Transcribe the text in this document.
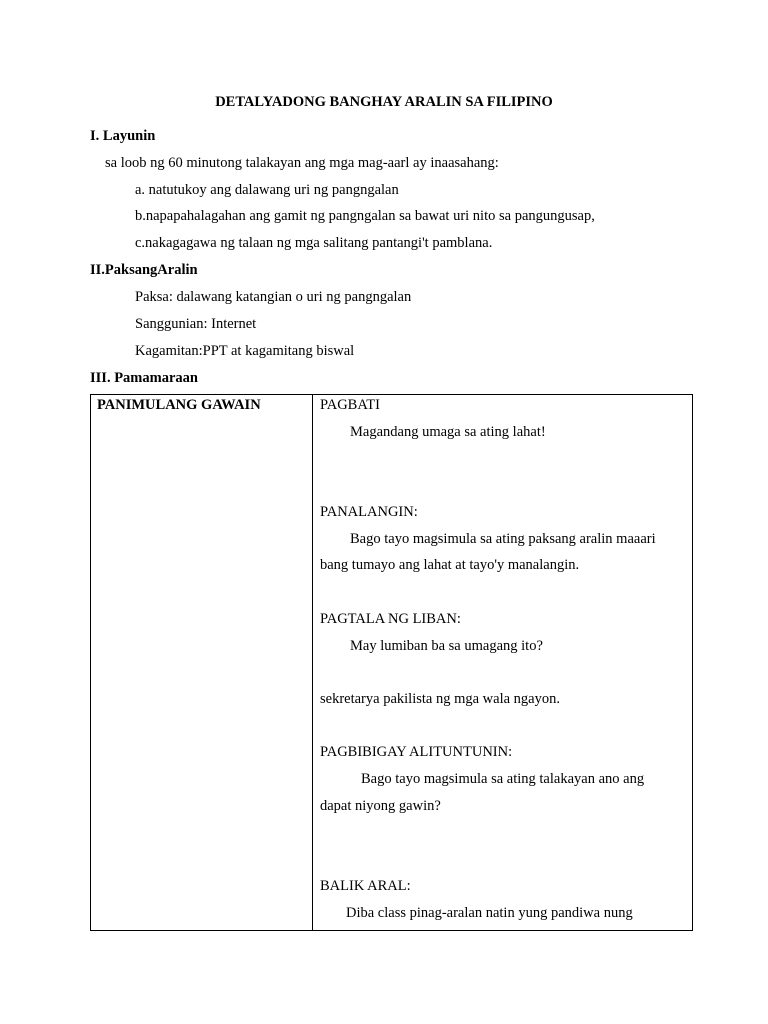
DETALYADONG BANGHAY ARALIN SA FILIPINO
I. Layunin
sa loob ng 60 minutong talakayan ang mga mag-aarl ay inaasahang:
a. natutukoy ang dalawang uri ng pangngalan
b.napapahalagahan ang gamit ng pangngalan sa bawat uri nito sa pangungusap,
c.nakagagawa ng talaan ng mga salitang pantangi't pamblana.
II.PaksangAralin
Paksa: dalawang katangian o uri ng pangngalan
Sanggunian: Internet
Kagamitan:PPT at kagamitang biswal
III. Pamamaraan
PANIMULANG GAWAIN	PAGBATI
Magandang umaga sa ating lahat!
PANALANGIN:
Bago tayo magsimula sa ating paksang aralin maaari
bang tumayo ang lahat at tayo'y manalangin.
PAGTALA NG LIBAN:
May lumiban ba sa umagang ito?
sekretarya pakilista ng mga wala ngayon.
PAGBIBIGAY ALITUNTUNIN:
Bago tayo magsimula sa ating talakayan ano ang
dapat niyong gawin?
BALIK ARAL:
Diba class pinag-aralan natin yung pandiwa nung
